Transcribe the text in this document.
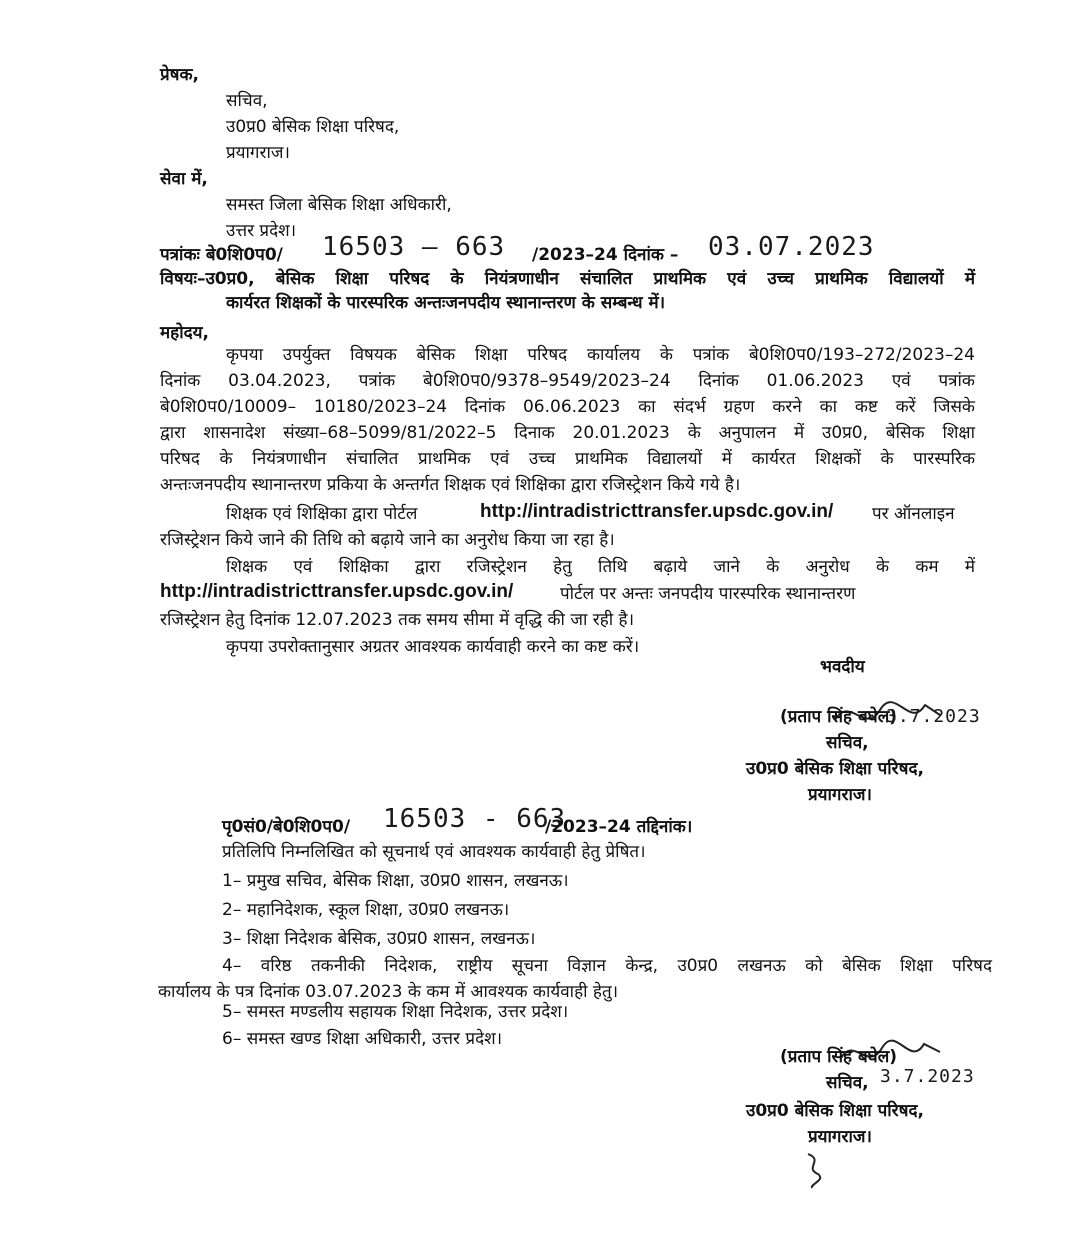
प्रेषक,
सचिव,
उ0प्र0 बेसिक शिक्षा परिषद,
प्रयागराज।
सेवा में,
समस्त जिला बेसिक शिक्षा अधिकारी,
उत्तर प्रदेश।
पत्रांकः बे0शि0प0/ 16503 — 663 /2023–24 दिनांक – 03.07.2023
विषयः–उ0प्र0, बेसिक शिक्षा परिषद के नियंत्रणाधीन संचालित प्राथमिक एवं उच्च प्राथमिक विद्यालयों में
कार्यरत शिक्षकों के पारस्परिक अन्तःजनपदीय स्थानान्तरण के सम्बन्ध में।
महोदय,
कृपया उपर्युक्त विषयक बेसिक शिक्षा परिषद कार्यालय के पत्रांक बे0शि0प0/193–272/2023–24
दिनांक 03.04.2023, पत्रांक बे0शि0प0/9378–9549/2023–24 दिनांक 01.06.2023 एवं पत्रांक
बे0शि0प0/10009– 10180/2023–24 दिनांक 06.06.2023 का संदर्भ ग्रहण करने का कष्ट करें जिसके
द्वारा शासनादेश संख्या–68–5099/81/2022–5 दिनाक 20.01.2023 के अनुपालन में उ0प्र0, बेसिक शिक्षा
परिषद के नियंत्रणाधीन संचालित प्राथमिक एवं उच्च प्राथमिक विद्यालयों में कार्यरत शिक्षकों के पारस्परिक
अन्तःजनपदीय स्थानान्तरण प्रकिया के अन्तर्गत शिक्षक एवं शिक्षिका द्वारा रजिस्ट्रेशन किये गये है।
शिक्षक एवं शिक्षिका द्वारा पोर्टल	http://intradistricttransfer.upsdc.gov.in/ पर ऑनलाइन
रजिस्ट्रेशन किये जाने की तिथि को बढ़ाये जाने का अनुरोध किया जा रहा है।
शिक्षक एवं शिक्षिका द्वारा रजिस्ट्रेशन हेतु तिथि बढ़ाये जाने के अनुरोध के कम में
http://intradistricttransfer.upsdc.gov.in/	पोर्टल पर अन्तः जनपदीय पारस्परिक स्थानान्तरण
रजिस्ट्रेशन हेतु दिनांक 12.07.2023 तक समय सीमा में वृद्धि की जा रही है।
कृपया उपरोक्तानुसार अग्रतर आवश्यक कार्यवाही करने का कष्ट करें।
भवदीय
(प्रताप सिंह बघेल)
3.7.2023
सचिव,
उ0प्र0 बेसिक शिक्षा परिषद,
प्रयागराज।
पृ0सं0/बे0शि0प0/ 16503 - 663
/2023–24 तद्दिनांक।
प्रतिलिपि निम्नलिखित को सूचनार्थ एवं आवश्यक कार्यवाही हेतु प्रेषित।
1– प्रमुख सचिव, बेसिक शिक्षा, उ0प्र0 शासन, लखनऊ।
2– महानिदेशक, स्कूल शिक्षा, उ0प्र0 लखनऊ।
3– शिक्षा निदेशक बेसिक, उ0प्र0 शासन, लखनऊ।
4– वरिष्ठ तकनीकी निदेशक, राष्ट्रीय सूचना विज्ञान केन्द्र, उ0प्र0 लखनऊ को बेसिक शिक्षा परिषद
कार्यालय के पत्र दिनांक 03.07.2023 के कम में आवश्यक कार्यवाही हेतु।
5– समस्त मण्डलीय सहायक शिक्षा निदेशक, उत्तर प्रदेश।
6– समस्त खण्ड शिक्षा अधिकारी, उत्तर प्रदेश।
(प्रताप सिंह बघेल)
सचिव, 3.7.2023
उ0प्र0 बेसिक शिक्षा परिषद,
प्रयागराज।
